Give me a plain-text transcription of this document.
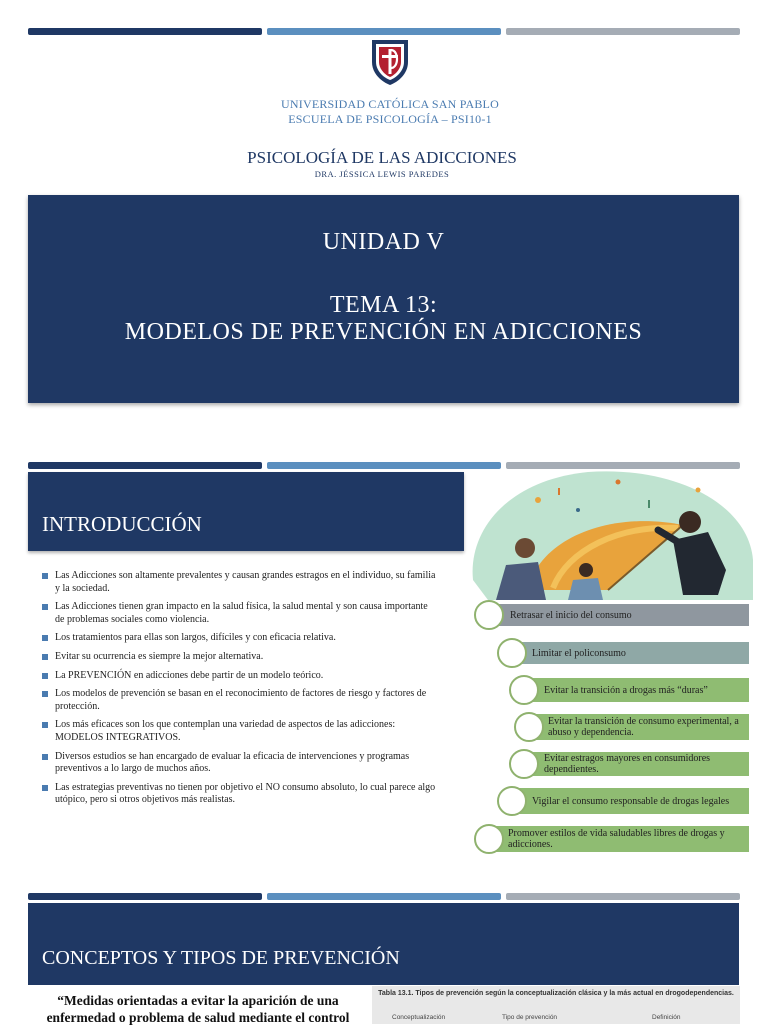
UNIVERSIDAD CATÓLICA SAN PABLO
ESCUELA DE PSICOLOGÍA – PSI10-1
PSICOLOGÍA DE LAS ADICCIONES
DRA. JÉSSICA LEWIS PAREDES
UNIDAD V
TEMA 13:
MODELOS DE PREVENCIÓN EN ADICCIONES
INTRODUCCIÓN
Las Adicciones son altamente prevalentes y causan grandes estragos en el individuo, su familia y la sociedad.
Las Adicciones tienen gran impacto en la salud física, la salud mental y son causa importante de problemas sociales como violencia.
Los tratamientos para ellas son largos, difíciles y con eficacia relativa.
Evitar su ocurrencia es siempre la mejor alternativa.
La PREVENCIÓN en adicciones debe partir de un modelo teórico.
Los modelos de prevención se basan en el reconocimiento de factores de riesgo y factores de protección.
Los más eficaces son los que contemplan una variedad de aspectos de las adicciones: MODELOS INTEGRATIVOS.
Diversos estudios se han encargado de evaluar la eficacia de intervenciones y programas preventivos a lo largo de muchos años.
Las estrategias preventivas no tienen por objetivo el NO consumo absoluto, lo cual parece algo utópico, pero si otros objetivos más realistas.
Retrasar el inicio del consumo
Limitar el policonsumo
Evitar la transición a drogas más “duras”
Evitar la transición de consumo experimental, a abuso y dependencia.
Evitar estragos mayores en consumidores dependientes.
Vigilar el consumo responsable de drogas legales
Promover estilos de vida saludables libres de drogas y adicciones.
CONCEPTOS Y TIPOS DE PREVENCIÓN
“Medidas orientadas a evitar la aparición de una enfermedad o problema de salud mediante el control
Tabla 13.1. Tipos de prevención según la conceptualización clásica y la más actual en drogodependencias.
Conceptualización	Tipo de prevención	Definición
